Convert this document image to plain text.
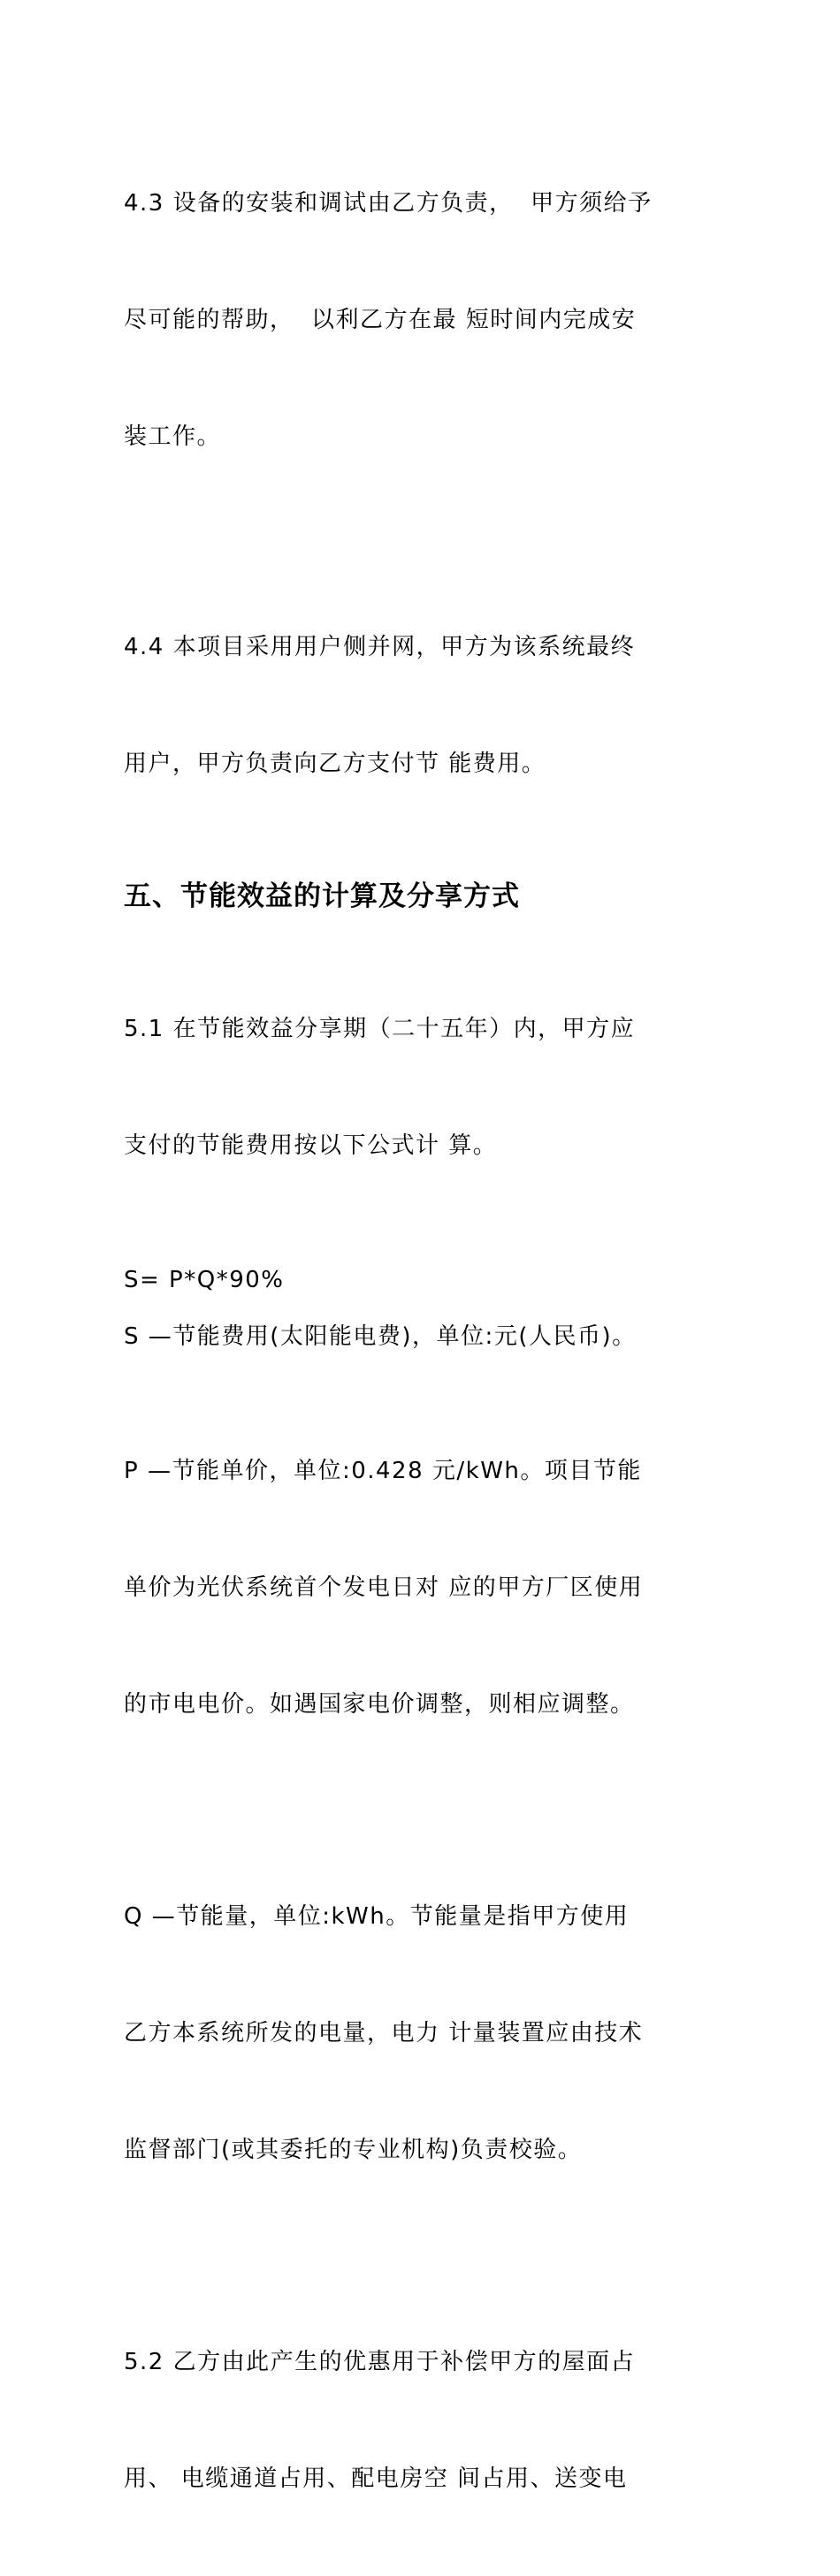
4.3 设备的安装和调试由乙方负责，  甲方须给予

尽可能的帮助，  以利乙方在最 短时间内完成安

装工作。

4.4 本项目采用用户侧并网，甲方为该系统最终

用户，甲方负责向乙方支付节 能费用。

五、节能效益的计算及分享方式

5.1 在节能效益分享期（二十五年）内，甲方应

支付的节能费用按以下公式计 算。

S= P*Q*90%

S —节能费用(太阳能电费)，单位:元(人民币)。

P —节能单价，单位:0.428 元/kWh。项目节能

单价为光伏系统首个发电日对 应的甲方厂区使用

的市电电价。如遇国家电价调整，则相应调整。

Q —节能量，单位:kWh。节能量是指甲方使用

乙方本系统所发的电量，电力 计量装置应由技术

监督部门(或其委托的专业机构)负责校验。

5.2 乙方由此产生的优惠用于补偿甲方的屋面占

用、 电缆通道占用、配电房空 间占用、送变电
